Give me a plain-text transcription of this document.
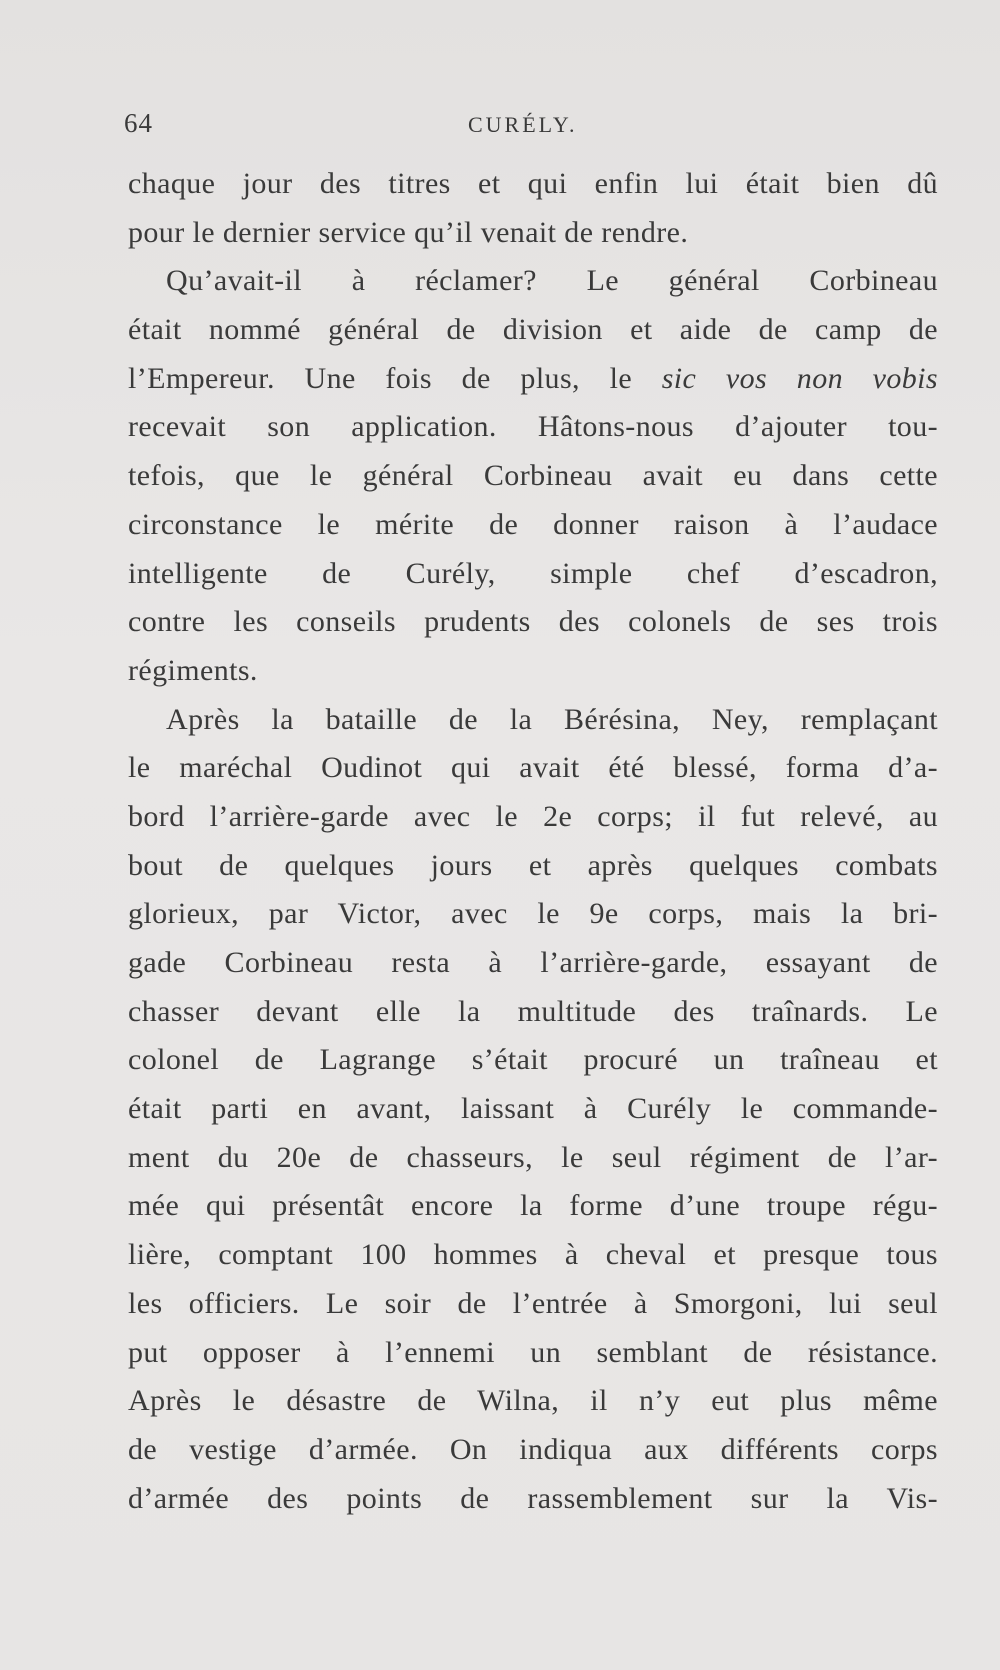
64	CURÉLY.
chaque jour des titres et qui enfin lui était bien dû
pour le dernier service qu’il venait de rendre.
Qu’avait-il à réclamer? Le général Corbineau
était nommé général de division et aide de camp de
l’Empereur. Une fois de plus, le sic vos non vobis
recevait son application. Hâtons-nous d’ajouter tou-
tefois, que le général Corbineau avait eu dans cette
circonstance le mérite de donner raison à l’audace
intelligente de Curély, simple chef d’escadron,
contre les conseils prudents des colonels de ses trois
régiments.
Après la bataille de la Bérésina, Ney, remplaçant
le maréchal Oudinot qui avait été blessé, forma d’a-
bord l’arrière-garde avec le 2e corps; il fut relevé, au
bout de quelques jours et après quelques combats
glorieux, par Victor, avec le 9e corps, mais la bri-
gade Corbineau resta à l’arrière-garde, essayant de
chasser devant elle la multitude des traînards. Le
colonel de Lagrange s’était procuré un traîneau et
était parti en avant, laissant à Curély le commande-
ment du 20e de chasseurs, le seul régiment de l’ar-
mée qui présentât encore la forme d’une troupe régu-
lière, comptant 100 hommes à cheval et presque tous
les officiers. Le soir de l’entrée à Smorgoni, lui seul
put opposer à l’ennemi un semblant de résistance.
Après le désastre de Wilna, il n’y eut plus même
de vestige d’armée. On indiqua aux différents corps
d’armée des points de rassemblement sur la Vis-
